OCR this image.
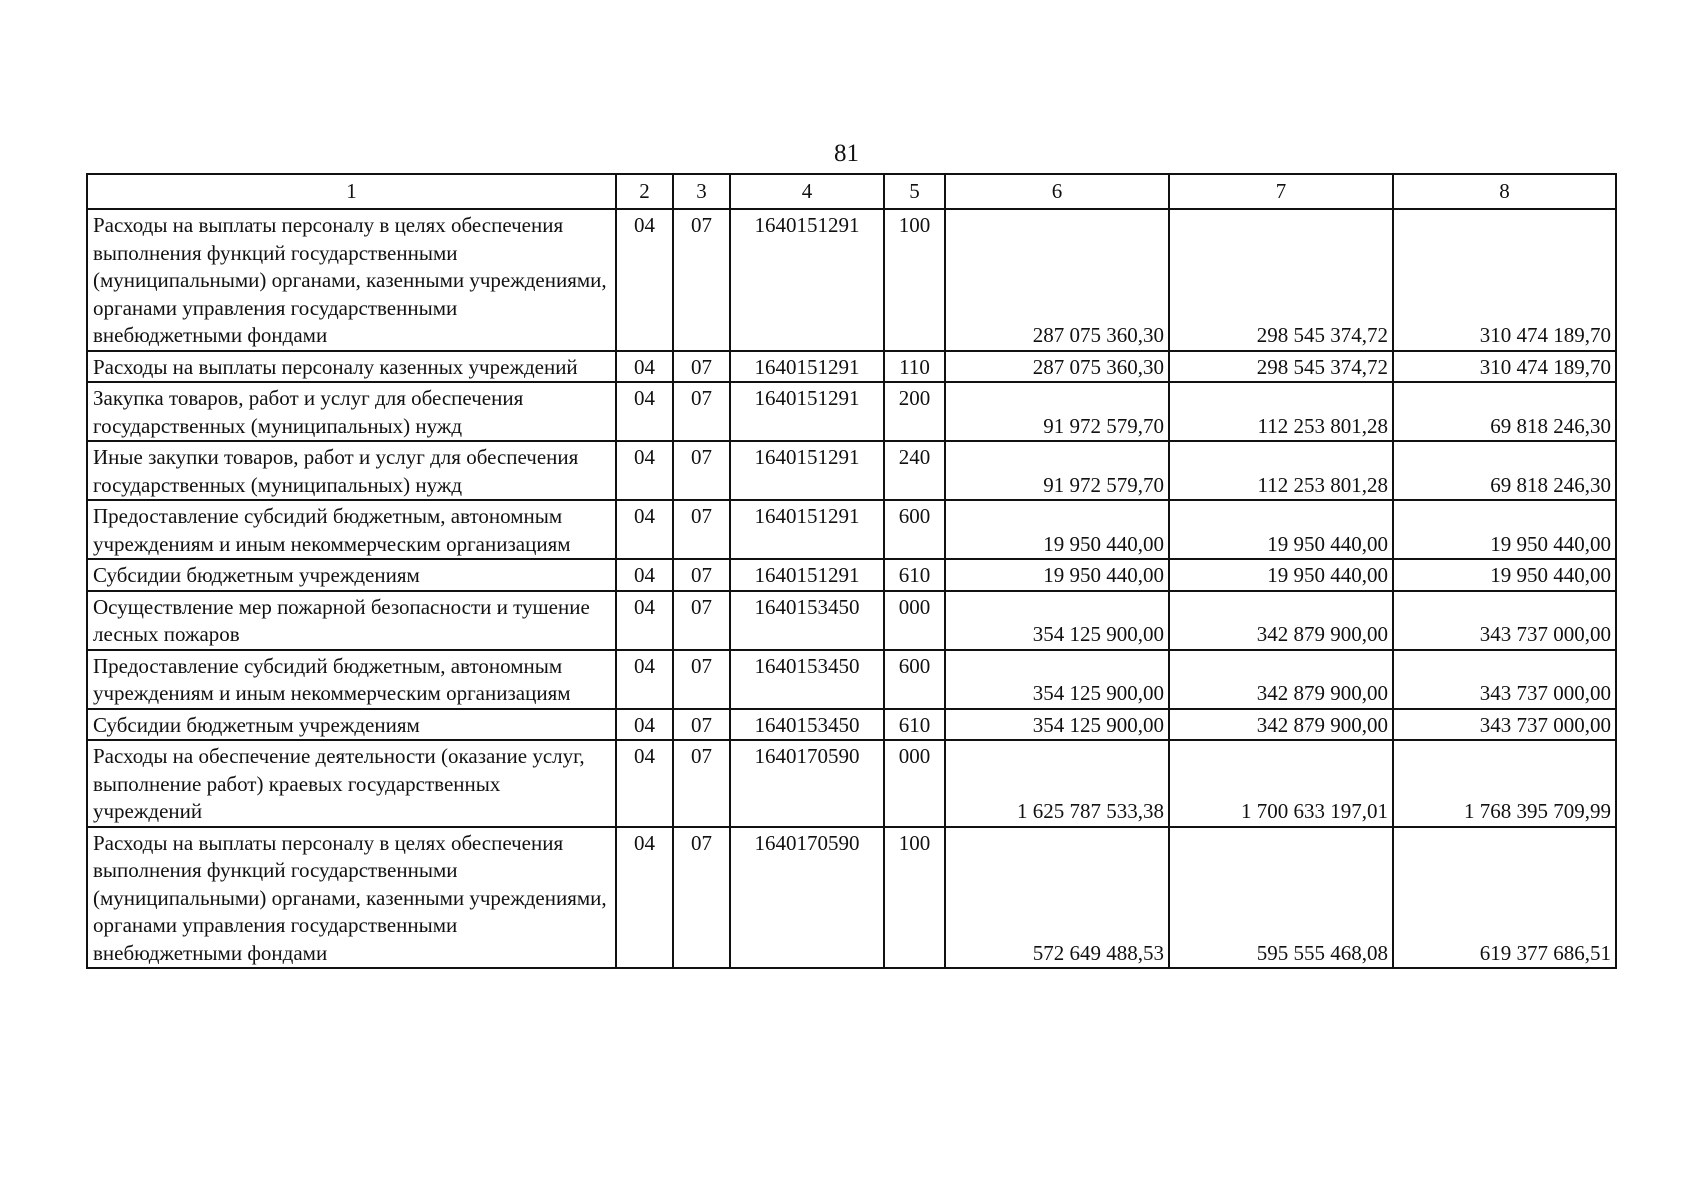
81
1	2	3	4	5	6	7	8
Расходы на выплаты персоналу в целях обеспечения выполнения функций государственными (муниципальными) органами, казенными учреждениями, органами управления государственными внебюджетными фондами	04	07	1640151291	100	287 075 360,30	298 545 374,72	310 474 189,70
Расходы на выплаты персоналу казенных учреждений	04	07	1640151291	110	287 075 360,30	298 545 374,72	310 474 189,70
Закупка товаров, работ и услуг для обеспечения государственных (муниципальных) нужд	04	07	1640151291	200	91 972 579,70	112 253 801,28	69 818 246,30
Иные закупки товаров, работ и услуг для обеспечения государственных (муниципальных) нужд	04	07	1640151291	240	91 972 579,70	112 253 801,28	69 818 246,30
Предоставление субсидий бюджетным, автономным учреждениям и иным некоммерческим организациям	04	07	1640151291	600	19 950 440,00	19 950 440,00	19 950 440,00
Субсидии бюджетным учреждениям	04	07	1640151291	610	19 950 440,00	19 950 440,00	19 950 440,00
Осуществление мер пожарной безопасности и тушение лесных пожаров	04	07	1640153450	000	354 125 900,00	342 879 900,00	343 737 000,00
Предоставление субсидий бюджетным, автономным учреждениям и иным некоммерческим организациям	04	07	1640153450	600	354 125 900,00	342 879 900,00	343 737 000,00
Субсидии бюджетным учреждениям	04	07	1640153450	610	354 125 900,00	342 879 900,00	343 737 000,00
Расходы на обеспечение деятельности (оказание услуг, выполнение работ) краевых государственных учреждений	04	07	1640170590	000	1 625 787 533,38	1 700 633 197,01	1 768 395 709,99
Расходы на выплаты персоналу в целях обеспечения выполнения функций государственными (муниципальными) органами, казенными учреждениями, органами управления государственными внебюджетными фондами	04	07	1640170590	100	572 649 488,53	595 555 468,08	619 377 686,51
